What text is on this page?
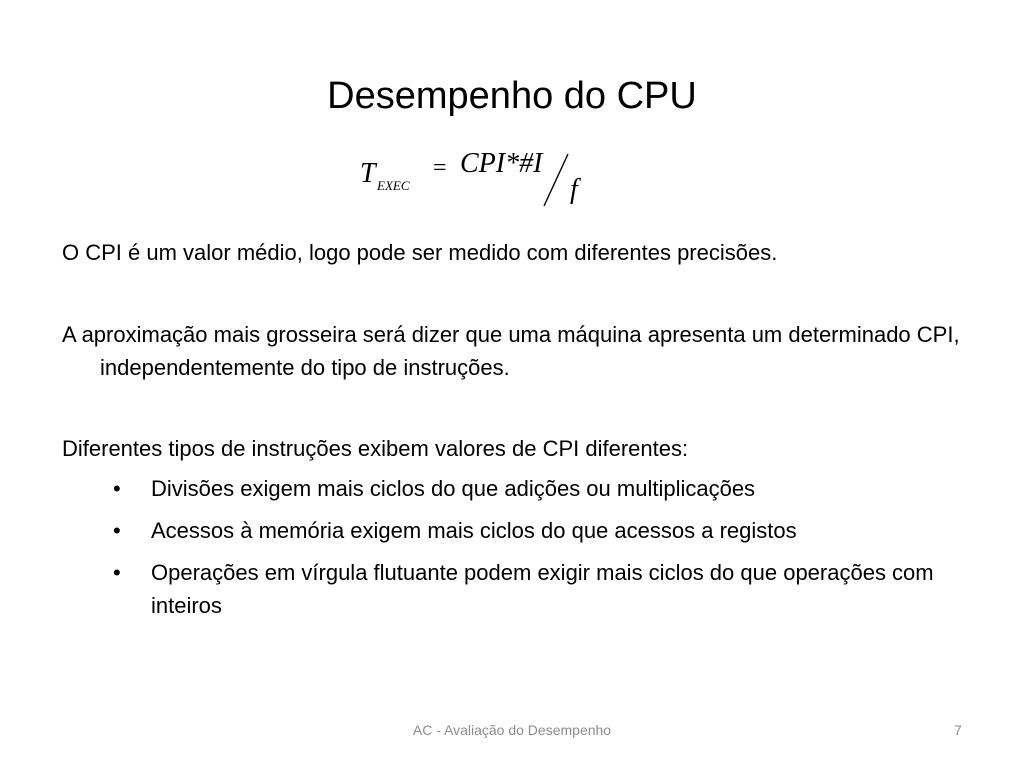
Desempenho do CPU
T EXEC
= CPI*#I
f

O CPI é um valor médio, logo pode ser medido com diferentes precisões.

A aproximação mais grosseira será dizer que uma máquina apresenta um determinado CPI, independentemente do tipo de instruções.

Diferentes tipos de instruções exibem valores de CPI diferentes:

• Divisões exigem mais ciclos do que adições ou multiplicações
• Acessos à memória exigem mais ciclos do que acessos a registos
• Operações em vírgula flutuante podem exigir mais ciclos do que operações com inteiros
AC - Avaliação do Desempenho	7
